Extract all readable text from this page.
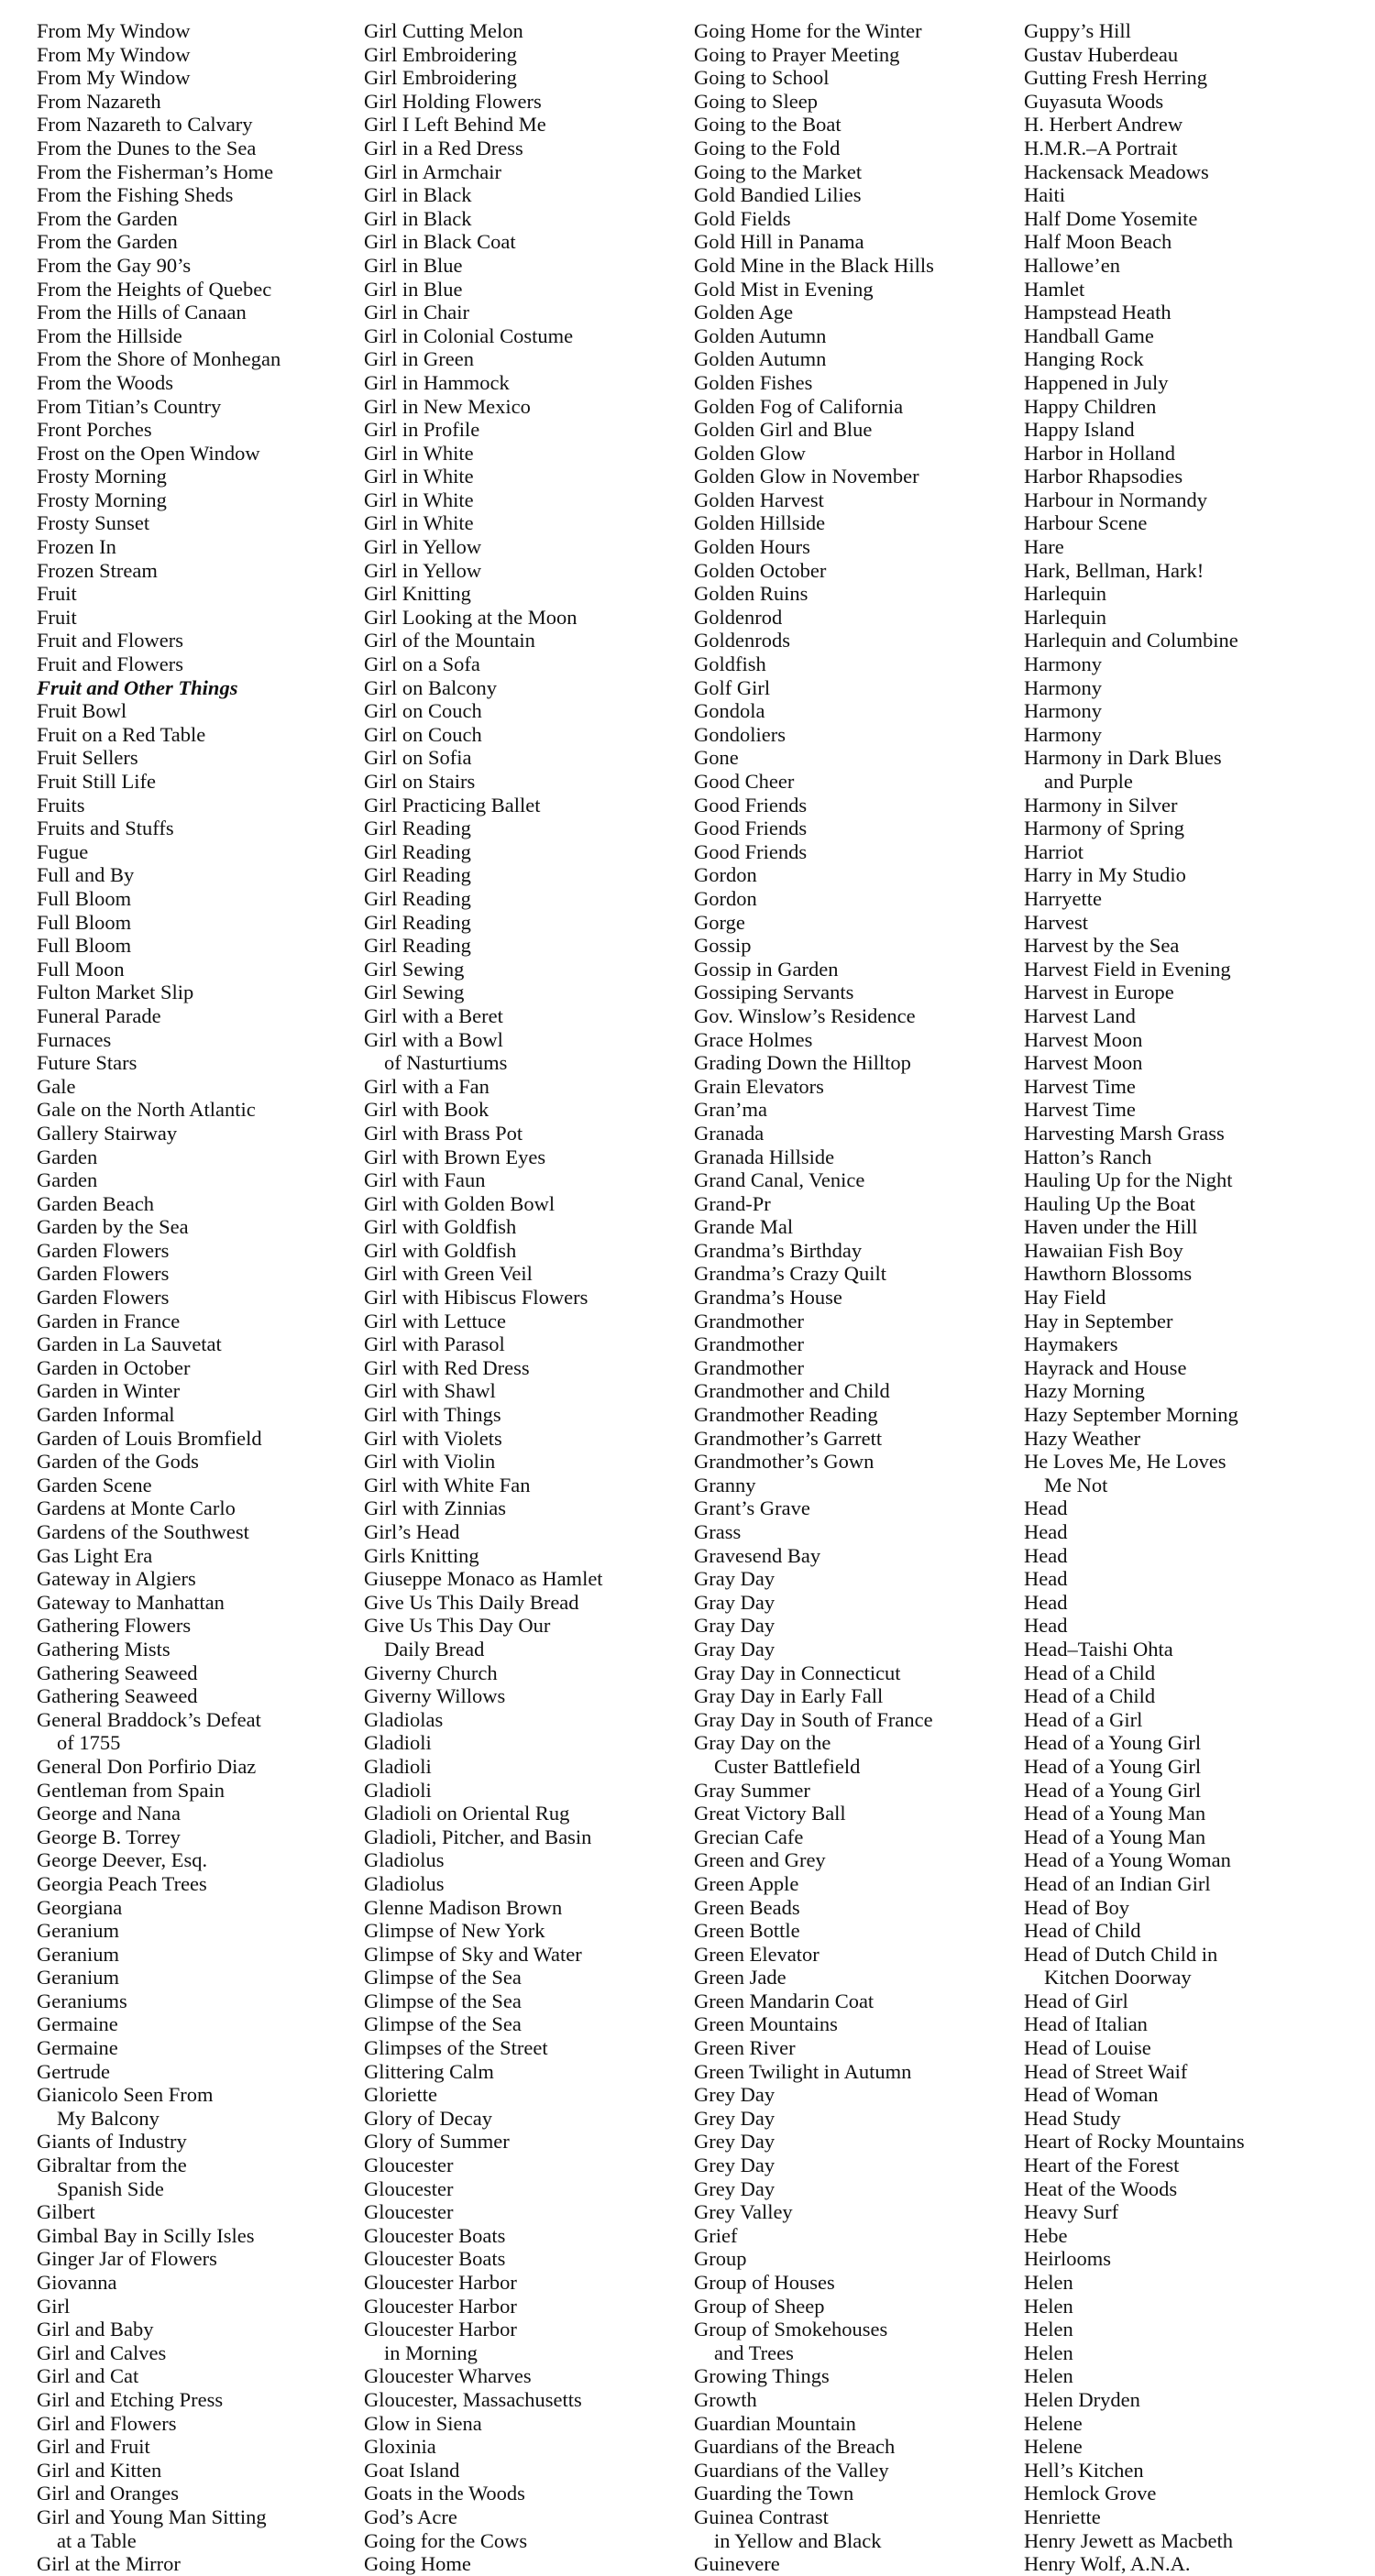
From My Window
From My Window
From My Window
From Nazareth
From Nazareth to Calvary
From the Dunes to the Sea
From the Fisherman’s Home
From the Fishing Sheds
From the Garden
From the Garden
From the Gay 90’s
From the Heights of Quebec
From the Hills of Canaan
From the Hillside
From the Shore of Monhegan
From the Woods
From Titian’s Country
Front Porches
Frost on the Open Window
Frosty Morning
Frosty Morning
Frosty Sunset
Frozen In
Frozen Stream
Fruit
Fruit
Fruit and Flowers
Fruit and Flowers
Fruit and Other Things
Fruit Bowl
Fruit on a Red Table
Fruit Sellers
Fruit Still Life
Fruits
Fruits and Stuffs
Fugue
Full and By
Full Bloom
Full Bloom
Full Bloom
Full Moon
Fulton Market Slip
Funeral Parade
Furnaces
Future Stars
Gale
Gale on the North Atlantic
Gallery Stairway
Garden
Garden
Garden Beach
Garden by the Sea
Garden Flowers
Garden Flowers
Garden Flowers
Garden in France
Garden in La Sauvetat
Garden in October
Garden in Winter
Garden Informal
Garden of Louis Bromfield
Garden of the Gods
Garden Scene
Gardens at Monte Carlo
Gardens of the Southwest
Gas Light Era
Gateway in Algiers
Gateway to Manhattan
Gathering Flowers
Gathering Mists
Gathering Seaweed
Gathering Seaweed
General Braddock’s Defeat
of 1755
General Don Porfirio Diaz
Gentleman from Spain
George and Nana
George B. Torrey
George Deever, Esq.
Georgia Peach Trees
Georgiana
Geranium
Geranium
Geranium
Geraniums
Germaine
Germaine
Gertrude
Gianicolo Seen From
My Balcony
Giants of Industry
Gibraltar from the
Spanish Side
Gilbert
Gimbal Bay in Scilly Isles
Ginger Jar of Flowers
Giovanna
Girl
Girl and Baby
Girl and Calves
Girl and Cat
Girl and Etching Press
Girl and Flowers
Girl and Fruit
Girl and Kitten
Girl and Oranges
Girl and Young Man Sitting
at a Table
Girl at the Mirror
Girl Cutting Melon
Girl Embroidering
Girl Embroidering
Girl Holding Flowers
Girl I Left Behind Me
Girl in a Red Dress
Girl in Armchair
Girl in Black
Girl in Black
Girl in Black Coat
Girl in Blue
Girl in Blue
Girl in Chair
Girl in Colonial Costume
Girl in Green
Girl in Hammock
Girl in New Mexico
Girl in Profile
Girl in White
Girl in White
Girl in White
Girl in White
Girl in Yellow
Girl in Yellow
Girl Knitting
Girl Looking at the Moon
Girl of the Mountain
Girl on a Sofa
Girl on Balcony
Girl on Couch
Girl on Couch
Girl on Sofia
Girl on Stairs
Girl Practicing Ballet
Girl Reading
Girl Reading
Girl Reading
Girl Reading
Girl Reading
Girl Reading
Girl Sewing
Girl Sewing
Girl with a Beret
Girl with a Bowl
of Nasturtiums
Girl with a Fan
Girl with Book
Girl with Brass Pot
Girl with Brown Eyes
Girl with Faun
Girl with Golden Bowl
Girl with Goldfish
Girl with Goldfish
Girl with Green Veil
Girl with Hibiscus Flowers
Girl with Lettuce
Girl with Parasol
Girl with Red Dress
Girl with Shawl
Girl with Things
Girl with Violets
Girl with Violin
Girl with White Fan
Girl with Zinnias
Girl’s Head
Girls Knitting
Giuseppe Monaco as Hamlet
Give Us This Daily Bread
Give Us This Day Our
Daily Bread
Giverny Church
Giverny Willows
Gladiolas
Gladioli
Gladioli
Gladioli
Gladioli on Oriental Rug
Gladioli, Pitcher, and Basin
Gladiolus
Gladiolus
Glenne Madison Brown
Glimpse of New York
Glimpse of Sky and Water
Glimpse of the Sea
Glimpse of the Sea
Glimpse of the Sea
Glimpses of the Street
Glittering Calm
Gloriette
Glory of Decay
Glory of Summer
Gloucester
Gloucester
Gloucester
Gloucester Boats
Gloucester Boats
Gloucester Harbor
Gloucester Harbor
Gloucester Harbor
in Morning
Gloucester Wharves
Gloucester, Massachusetts
Glow in Siena
Gloxinia
Goat Island
Goats in the Woods
God’s Acre
Going for the Cows
Going Home
Going Home for the Winter
Going to Prayer Meeting
Going to School
Going to Sleep
Going to the Boat
Going to the Fold
Going to the Market
Gold Bandied Lilies
Gold Fields
Gold Hill in Panama
Gold Mine in the Black Hills
Gold Mist in Evening
Golden Age
Golden Autumn
Golden Autumn
Golden Fishes
Golden Fog of California
Golden Girl and Blue
Golden Glow
Golden Glow in November
Golden Harvest
Golden Hillside
Golden Hours
Golden October
Golden Ruins
Goldenrod
Goldenrods
Goldfish
Golf Girl
Gondola
Gondoliers
Gone
Good Cheer
Good Friends
Good Friends
Good Friends
Gordon
Gordon
Gorge
Gossip
Gossip in Garden
Gossiping Servants
Gov. Winslow’s Residence
Grace Holmes
Grading Down the Hilltop
Grain Elevators
Gran’ma
Granada
Granada Hillside
Grand Canal, Venice
Grand-Pr
Grande Mal
Grandma’s Birthday
Grandma’s Crazy Quilt
Grandma’s House
Grandmother
Grandmother
Grandmother
Grandmother and Child
Grandmother Reading
Grandmother’s Garrett
Grandmother’s Gown
Granny
Grant’s Grave
Grass
Gravesend Bay
Gray Day
Gray Day
Gray Day
Gray Day
Gray Day in Connecticut
Gray Day in Early Fall
Gray Day in South of France
Gray Day on the
Custer Battlefield
Gray Summer
Great Victory Ball
Grecian Cafe
Green and Grey
Green Apple
Green Beads
Green Bottle
Green Elevator
Green Jade
Green Mandarin Coat
Green Mountains
Green River
Green Twilight in Autumn
Grey Day
Grey Day
Grey Day
Grey Day
Grey Day
Grey Valley
Grief
Group
Group of Houses
Group of Sheep
Group of Smokehouses
and Trees
Growing Things
Growth
Guardian Mountain
Guardians of the Breach
Guardians of the Valley
Guarding the Town
Guinea Contrast
in Yellow and Black
Guinevere
Guppy’s Hill
Gustav Huberdeau
Gutting Fresh Herring
Guyasuta Woods
H. Herbert Andrew
H.M.R.–A Portrait
Hackensack Meadows
Haiti
Half Dome Yosemite
Half Moon Beach
Hallowe’en
Hamlet
Hampstead Heath
Handball Game
Hanging Rock
Happened in July
Happy Children
Happy Island
Harbor in Holland
Harbor Rhapsodies
Harbour in Normandy
Harbour Scene
Hare
Hark, Bellman, Hark!
Harlequin
Harlequin
Harlequin and Columbine
Harmony
Harmony
Harmony
Harmony
Harmony in Dark Blues
and Purple
Harmony in Silver
Harmony of Spring
Harriot
Harry in My Studio
Harryette
Harvest
Harvest by the Sea
Harvest Field in Evening
Harvest in Europe
Harvest Land
Harvest Moon
Harvest Moon
Harvest Time
Harvest Time
Harvesting Marsh Grass
Hatton’s Ranch
Hauling Up for the Night
Hauling Up the Boat
Haven under the Hill
Hawaiian Fish Boy
Hawthorn Blossoms
Hay Field
Hay in September
Haymakers
Hayrack and House
Hazy Morning
Hazy September Morning
Hazy Weather
He Loves Me, He Loves
Me Not
Head
Head
Head
Head
Head
Head
Head–Taishi Ohta
Head of a Child
Head of a Child
Head of a Girl
Head of a Young Girl
Head of a Young Girl
Head of a Young Girl
Head of a Young Man
Head of a Young Man
Head of a Young Woman
Head of an Indian Girl
Head of Boy
Head of Child
Head of Dutch Child in
Kitchen Doorway
Head of Girl
Head of Italian
Head of Louise
Head of Street Waif
Head of Woman
Head Study
Heart of Rocky Mountains
Heart of the Forest
Heat of the Woods
Heavy Surf
Hebe
Heirlooms
Helen
Helen
Helen
Helen
Helen
Helen Dryden
Helene
Helene
Hell’s Kitchen
Hemlock Grove
Henriette
Henry Jewett as Macbeth
Henry Wolf, A.N.A.
